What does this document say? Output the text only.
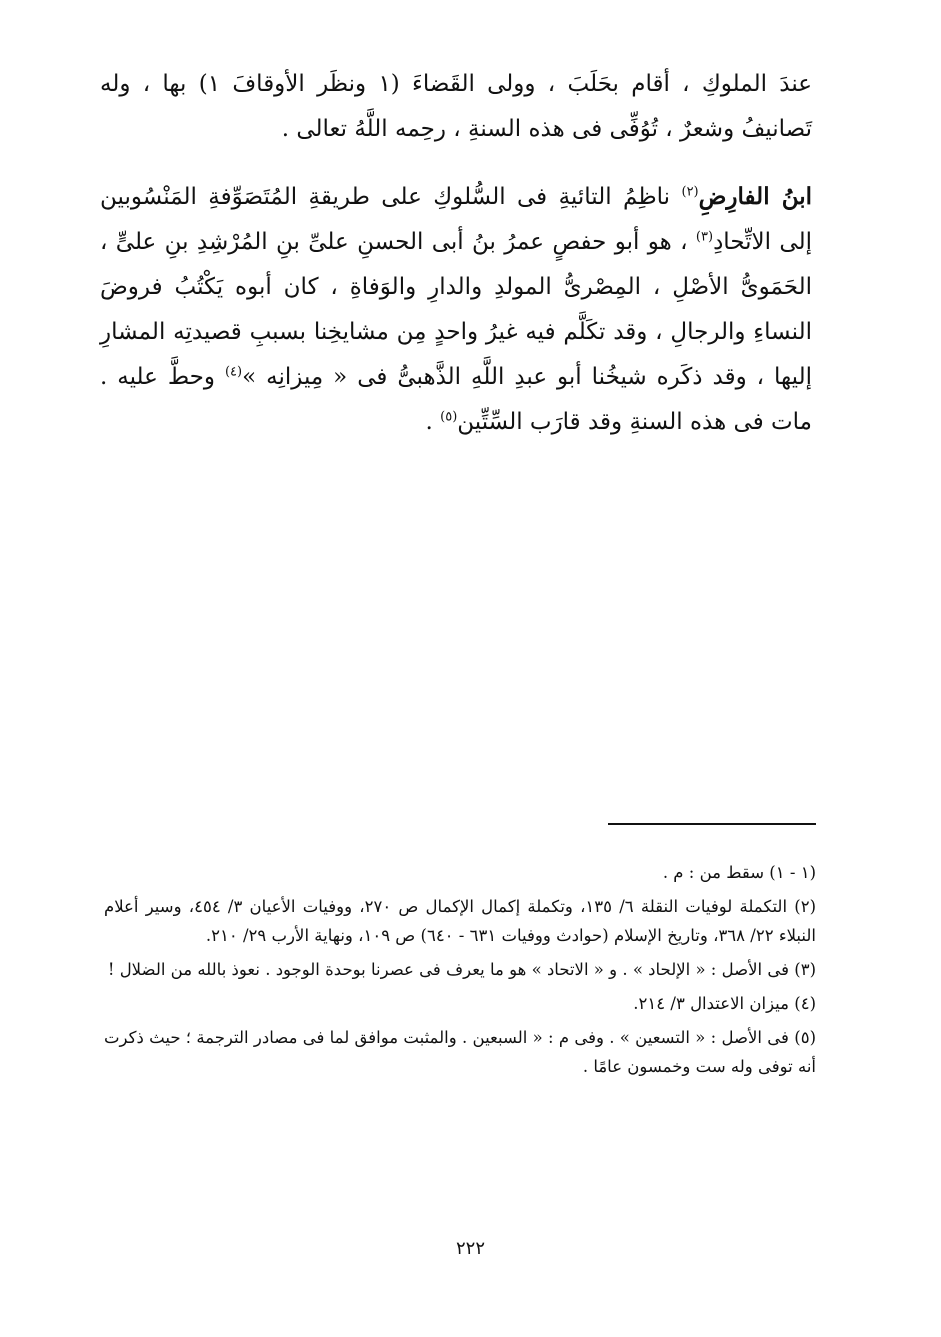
عندَ الملوكِ ، أقام بحَلَبَ ، وولى القَضاءَ (١ ونظَر الأوقافَ ١) بها ، وله تَصانيفُ وشعرٌ ، تُوُفِّى فى هذه السنةِ ، رحِمه اللَّهُ تعالى .

ابنُ الفارِضِ$^{(٢)}$ ناظِمُ التائيةِ فى السُّلوكِ على طريقةِ المُتَصَوِّفةِ المَنْسُوبين إلى الاتِّحادِ$^{(٣)}$ ، هو أبو حفصٍ عمرُ بنُ أبى الحسنِ علىِّ بنِ المُرْشِدِ بنِ علىٍّ ، الحَمَوىُّ الأصْلِ ، المِصْرىُّ المولدِ والدارِ والوَفاةِ ، كان أبوه يَكْتُبُ فروضَ النساءِ والرجالِ ، وقد تكَلَّم فيه غيرُ واحدٍ مِن مشايخِنا بسببِ قصيدتِه المشارِ إليها ، وقد ذكَره شيخُنا أبو عبدِ اللَّهِ الذَّهبىُّ فى « مِيزانِه »$^{(٤)}$ وحطَّ عليه . مات فى هذه السنةِ وقد قارَب السِّتِّين$^{(٥)}$ .

(١ - ١) سقط من : م .

(٢) التكملة لوفيات النقلة ٦/ ١٣٥، وتكملة إكمال الإكمال ص ٢٧٠، ووفيات الأعيان ٣/ ٤٥٤، وسير أعلام النبلاء ٢٢/ ٣٦٨، وتاريخ الإسلام (حوادث ووفيات ٦٣١ - ٦٤٠) ص ١٠٩، ونهاية الأرب ٢٩/ ٢١٠.

(٣) فى الأصل : « الإلحاد » . و « الاتحاد » هو ما يعرف فى عصرنا بوحدة الوجود . نعوذ بالله من الضلال !

(٤) ميزان الاعتدال ٣/ ٢١٤.

(٥) فى الأصل : « التسعين » . وفى م : « السبعين . والمثبت موافق لما فى مصادر الترجمة ؛ حيث ذكرت أنه توفى وله ست وخمسون عامًا .

٢٢٢
